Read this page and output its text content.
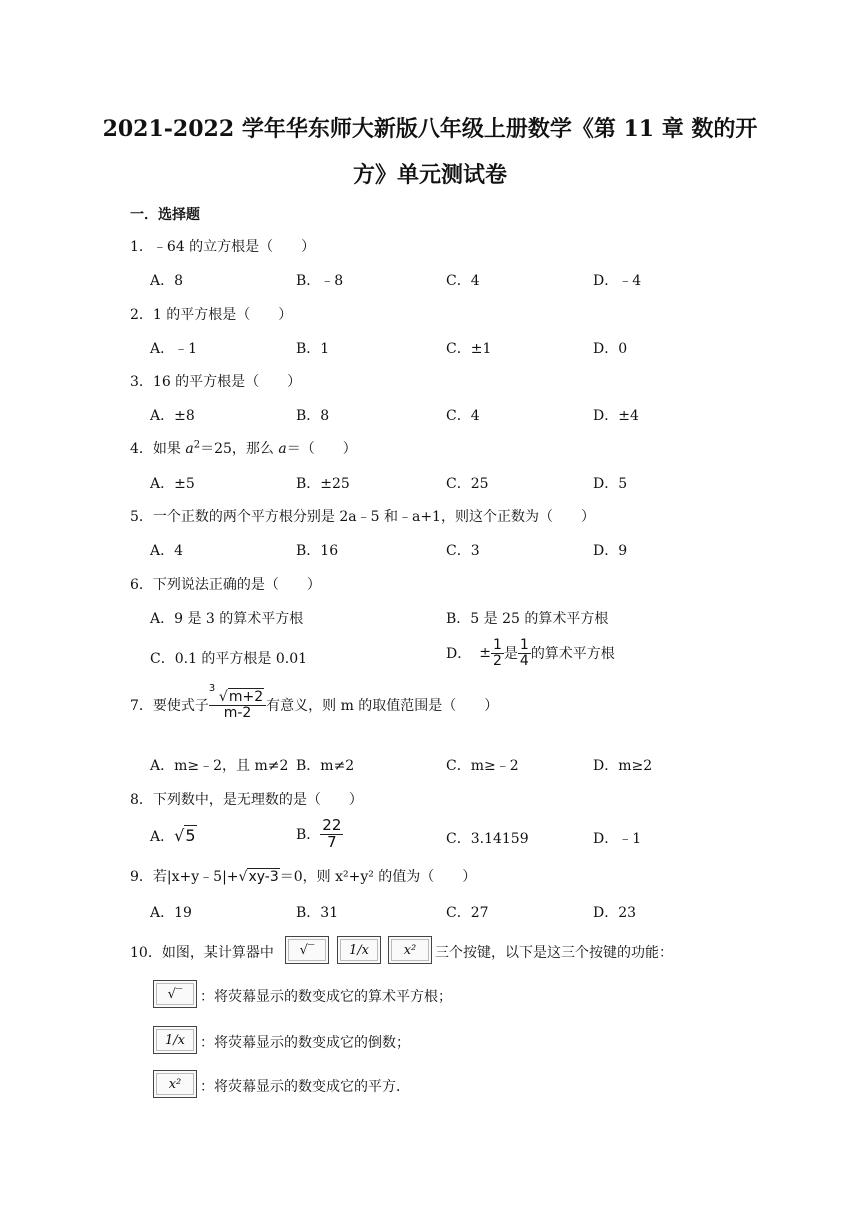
2021-2022 学年华东师大新版八年级上册数学《第 11 章 数的开
方》单元测试卷
一．选择题
1．﹣64 的立方根是（　　）
A．8	B．﹣8	C．4	D．﹣4
2．1 的平方根是（　　）
A．﹣1	B．1	C．±1	D．0
3．16 的平方根是（　　）
A．±8	B．8	C．4	D．±4
4．如果 $a^2=25$，那么 a＝（　　）
A．±5	B．±25	C．25	D．5
5．一个正数的两个平方根分别是 2a﹣5 和﹣a+1，则这个正数为（　　）
A．4	B．16	C．3	D．9
6．下列说法正确的是（　　）
A．9 是 3 的算术平方根	B．5 是 25 的算术平方根
C．0.1 的平方根是 0.01	D． ± $\frac{1}{2}$ 是 $\frac{1}{4}$ 的算术平方根
7．要使式子 3
√m+2
m-2 有意义，则 m 的取值范围是（　　）
A．m≥﹣2，且 m≠2 B．m≠2	C．m≥﹣2	D．m≥2
8．下列数中，是无理数的是（　　）
A．√5	B． $\frac{22}{7}$	C．3.14159	D．﹣1
9．若|x+y﹣5|+√xy-3＝0，则 x²+y² 的值为（　　）
A．19	B．31	C．27	D．23
10．如图，某计算器中	√‾	1/x	x²	三个按键，以下是这三个按键的功能：
√‾	：将荧幕显示的数变成它的算术平方根；
1/x	：将荧幕显示的数变成它的倒数；
x²	：将荧幕显示的数变成它的平方．
